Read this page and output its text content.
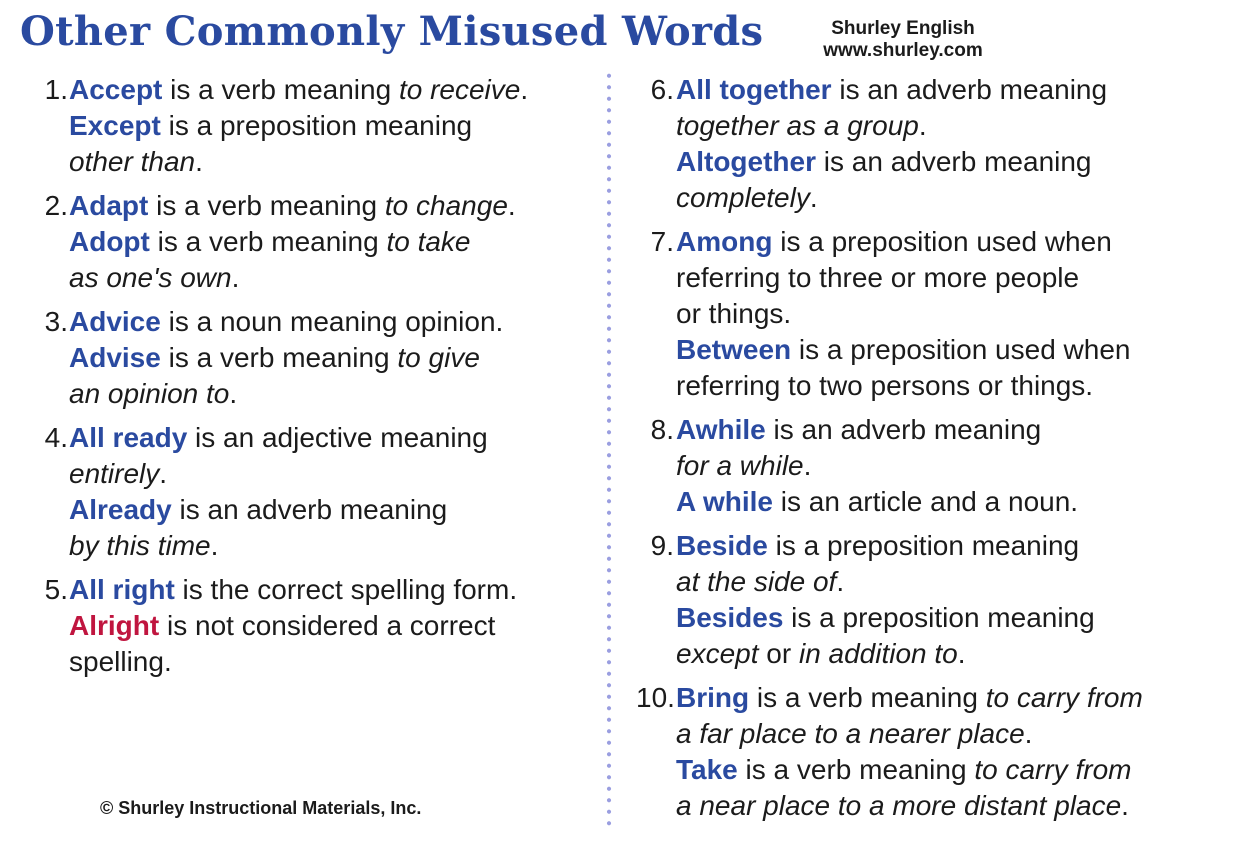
Other Commonly Misused Words	Shurley English
www.shurley.com
1. Accept is a verb meaning to receive.
Except is a preposition meaning
other than.
2. Adapt is a verb meaning to change.
Adopt is a verb meaning to take
as one's own.
3. Advice is a noun meaning opinion.
Advise is a verb meaning to give
an opinion to.
4. All ready is an adjective meaning
entirely.
Already is an adverb meaning
by this time.
5. All right is the correct spelling form.
Alright is not considered a correct
spelling.
6. All together is an adverb meaning
together as a group.
Altogether is an adverb meaning
completely.
7. Among is a preposition used when
referring to three or more people
or things.
Between is a preposition used when
referring to two persons or things.
8. Awhile is an adverb meaning
for a while.
A while is an article and a noun.
9. Beside is a preposition meaning
at the side of.
Besides is a preposition meaning
except or in addition to.
10. Bring is a verb meaning to carry from
a far place to a nearer place.
Take is a verb meaning to carry from
a near place to a more distant place.
© Shurley Instructional Materials, Inc.
